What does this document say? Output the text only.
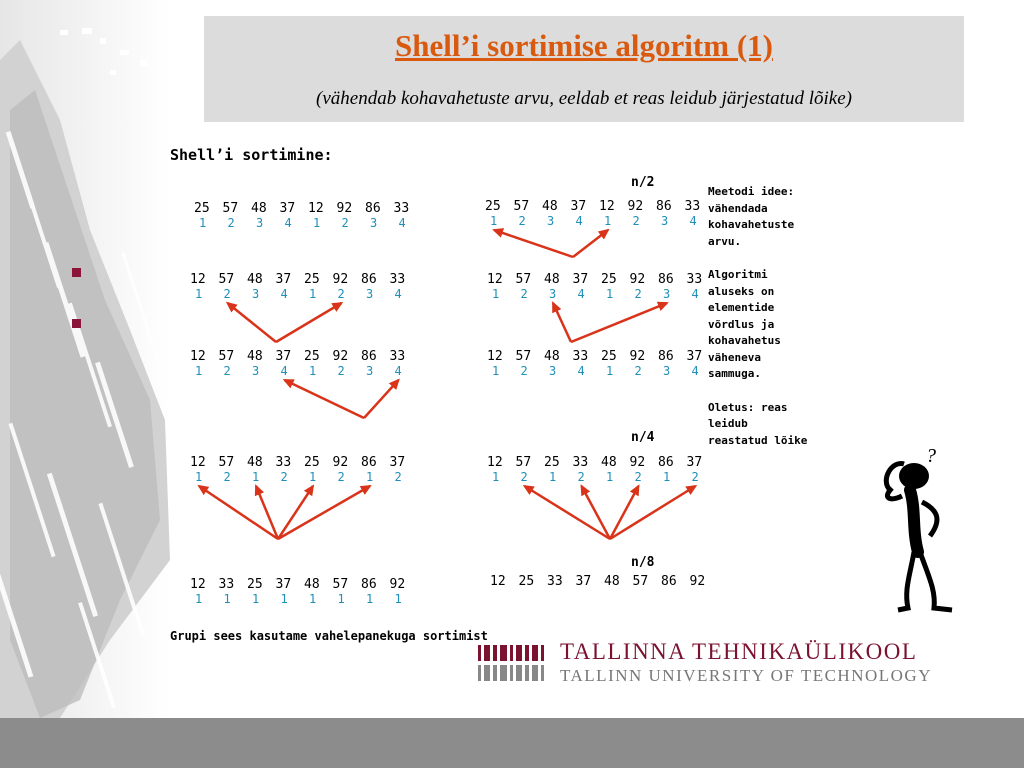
Shell’i sortimise algoritm (1)
(vähendab kohavahetuste arvu, eeldab et reas leidub järjestatud lõike)
Shell’i sortimine:
n/2
n/4
n/8
Grupi sees kasutame vahelepanekuga sortimist
25 57 48 37 12 92 86 33
1 2 3 4 1 2 3 4
12 57 48 37 25 92 86 33
1 2 3 4 1 2 3 4
12 57 48 37 25 92 86 33
1 2 3 4 1 2 3 4
12 57 48 33 25 92 86 37
1 2 1 2 1 2 1 2
12 33 25 37 48 57 86 92
1 1 1 1 1 1 1 1
25 57 48 37 12 92 86 33
1 2 3 4 1 2 3 4
12 57 48 37 25 92 86 33
1 2 3 4 1 2 3 4
12 57 48 33 25 92 86 37
1 2 3 4 1 2 3 4
12 57 25 33 48 92 86 37
1 2 1 2 1 2 1 2
12 25 33 37 48 57 86 92

Meetodi idee:
vähendada
kohavahetuste
arvu.

Algoritmi
aluseks on
elementide
võrdlus ja
kohavahetus
väheneva
sammuga.

Oletus: reas
leidub
reastatud lõike

?
TALLINNA TEHNIKAÜLIKOOL
TALLINN UNIVERSITY OF TECHNOLOGY
